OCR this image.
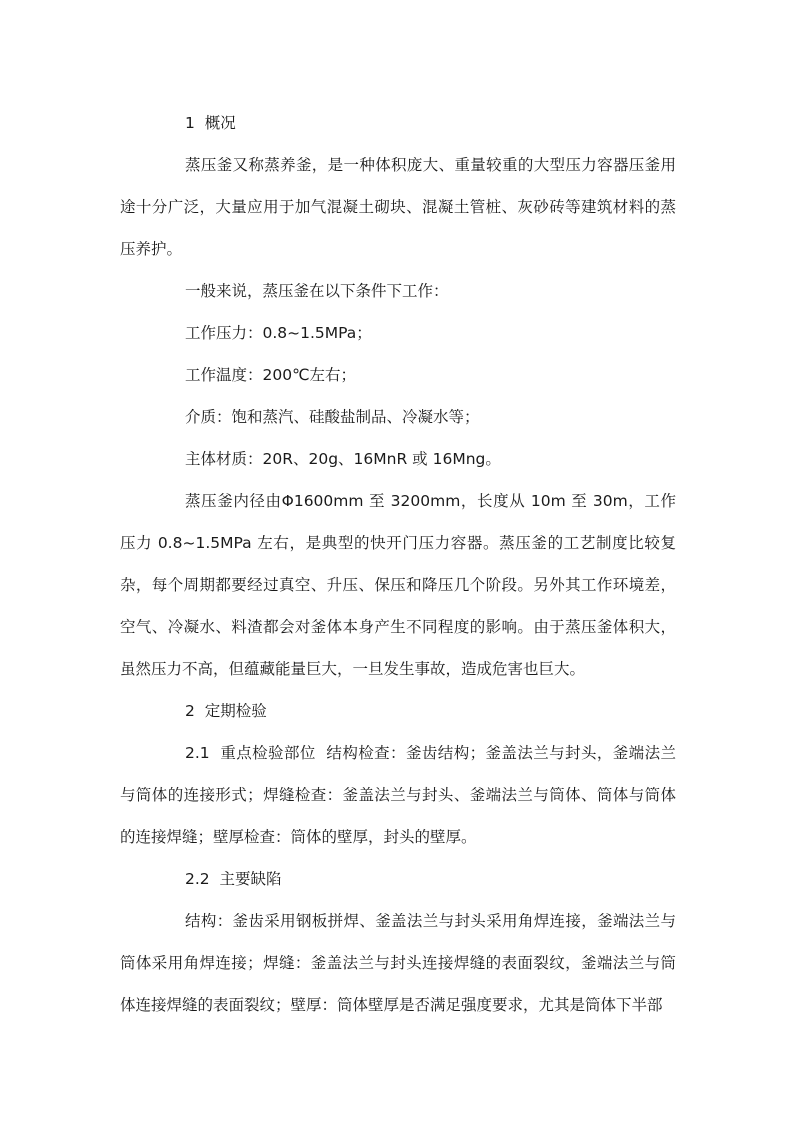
1  概况

蒸压釜又称蒸养釜，是一种体积庞大、重量较重的大型压力容器压釜用途十分广泛，大量应用于加气混凝土砌块、混凝土管桩、灰砂砖等建筑材料的蒸压养护。

一般来说，蒸压釜在以下条件下工作：

工作压力：0.8~1.5MPa；

工作温度：200℃左右；

介质：饱和蒸汽、硅酸盐制品、冷凝水等；

主体材质：20R、20g、16MnR 或 16Mng。

蒸压釜内径由Φ1600mm 至 3200mm，长度从 10m 至 30m，工作压力 0.8~1.5MPa 左右，是典型的快开门压力容器。蒸压釜的工艺制度比较复杂，每个周期都要经过真空、升压、保压和降压几个阶段。另外其工作环境差，空气、冷凝水、料渣都会对釜体本身产生不同程度的影响。由于蒸压釜体积大，虽然压力不高，但蕴藏能量巨大，一旦发生事故，造成危害也巨大。

2  定期检验

2.1  重点检验部位  结构检查：釜齿结构；釜盖法兰与封头，釜端法兰与筒体的连接形式；焊缝检查：釜盖法兰与封头、釜端法兰与筒体、筒体与筒体的连接焊缝；壁厚检查：筒体的壁厚，封头的壁厚。

2.2  主要缺陷

结构：釜齿采用钢板拼焊、釜盖法兰与封头采用角焊连接，釜端法兰与筒体采用角焊连接；焊缝：釜盖法兰与封头连接焊缝的表面裂纹，釜端法兰与筒体连接焊缝的表面裂纹；壁厚：筒体壁厚是否满足强度要求，尤其是筒体下半部
